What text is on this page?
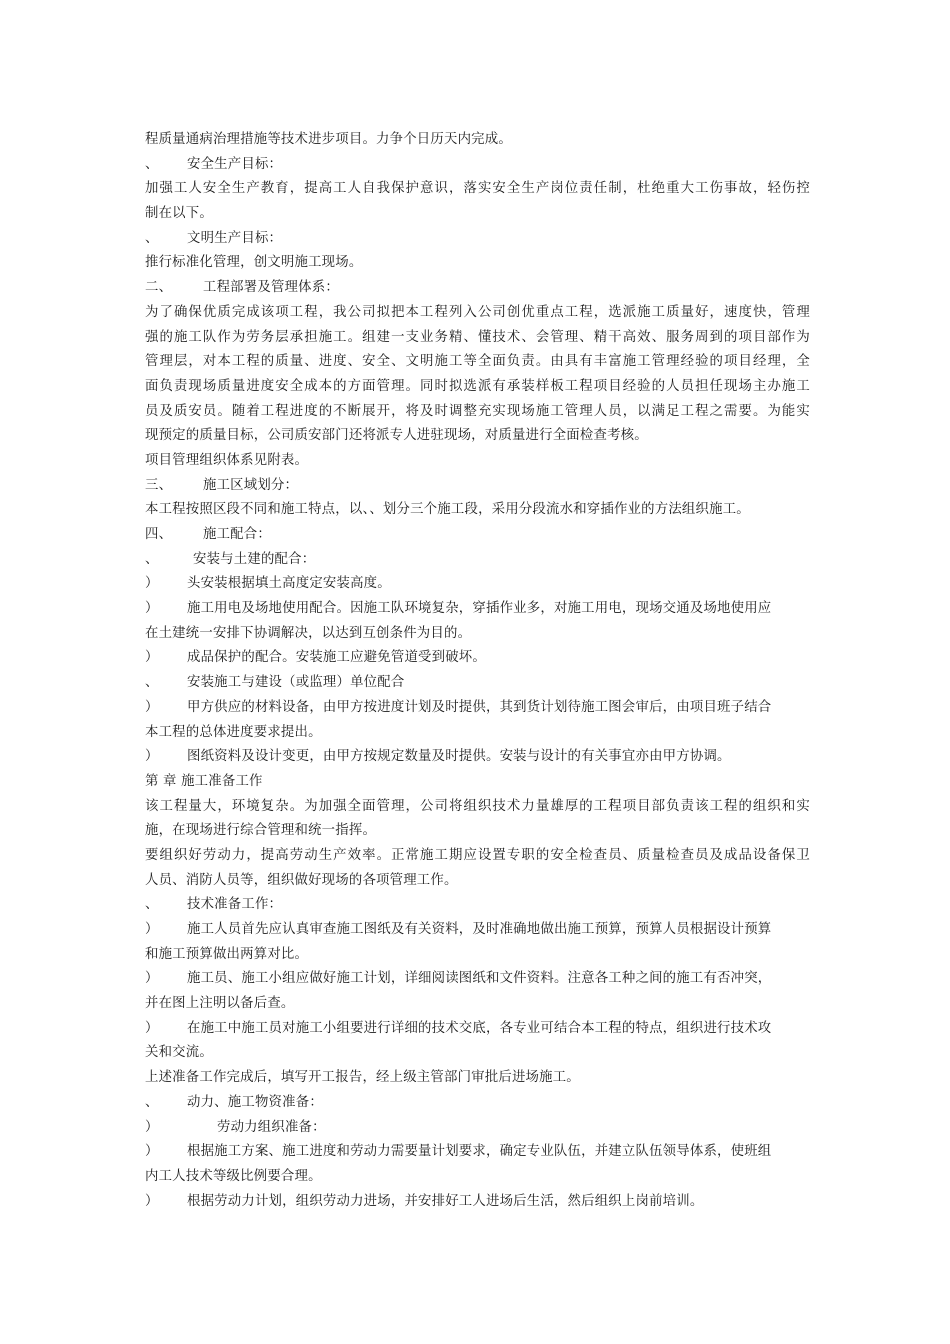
程质量通病治理措施等技术进步项目。力争个日历天内完成。
、 安全生产目标：
加强工人安全生产教育，提高工人自我保护意识，落实安全生产岗位责任制，杜绝重大工伤事故，轻伤控
制在以下。
、 文明生产目标：
推行标准化管理，创文明施工现场。
二、 工程部署及管理体系：
为了确保优质完成该项工程，我公司拟把本工程列入公司创优重点工程，选派施工质量好，速度快，管理
强的施工队作为劳务层承担施工。组建一支业务精、懂技术、会管理、精干高效、服务周到的项目部作为
管理层，对本工程的质量、进度、安全、文明施工等全面负责。由具有丰富施工管理经验的项目经理，全
面负责现场质量进度安全成本的方面管理。同时拟选派有承装样板工程项目经验的人员担任现场主办施工
员及质安员。随着工程进度的不断展开，将及时调整充实现场施工管理人员，以满足工程之需要。为能实
现预定的质量目标，公司质安部门还将派专人进驻现场，对质量进行全面检查考核。
项目管理组织体系见附表。
三、 施工区域划分：
本工程按照区段不同和施工特点，以、、划分三个施工段，采用分段流水和穿插作业的方法组织施工。
四、 施工配合：
、	安装与土建的配合：
） 头安装根据填土高度定安装高度。
） 施工用电及场地使用配合。因施工队环境复杂，穿插作业多，对施工用电，现场交通及场地使用应
在土建统一安排下协调解决，以达到互创条件为目的。
） 成品保护的配合。安装施工应避免管道受到破坏。
、 安装施工与建设（或监理）单位配合
） 甲方供应的材料设备，由甲方按进度计划及时提供，其到货计划待施工图会审后，由项目班子结合
本工程的总体进度要求提出。
） 图纸资料及设计变更，由甲方按规定数量及时提供。安装与设计的有关事宜亦由甲方协调。
第 章 施工准备工作
该工程量大，环境复杂。为加强全面管理，公司将组织技术力量雄厚的工程项目部负责该工程的组织和实
施，在现场进行综合管理和统一指挥。
要组织好劳动力，提高劳动生产效率。正常施工期应设置专职的安全检查员、质量检查员及成品设备保卫
人员、消防人员等，组织做好现场的各项管理工作。
、 技术准备工作：
） 施工人员首先应认真审查施工图纸及有关资料，及时准确地做出施工预算，预算人员根据设计预算
和施工预算做出两算对比。
） 施工员、施工小组应做好施工计划，详细阅读图纸和文件资料。注意各工种之间的施工有否冲突，
并在图上注明以备后查。
） 在施工中施工员对施工小组要进行详细的技术交底，各专业可结合本工程的特点，组织进行技术攻
关和交流。
上述准备工作完成后，填写开工报告，经上级主管部门审批后进场施工。
、 动力、施工物资准备：
）	劳动力组织准备：
） 根据施工方案、施工进度和劳动力需要量计划要求，确定专业队伍，并建立队伍领导体系，使班组
内工人技术等级比例要合理。
） 根据劳动力计划，组织劳动力进场，并安排好工人进场后生活，然后组织上岗前培训。
